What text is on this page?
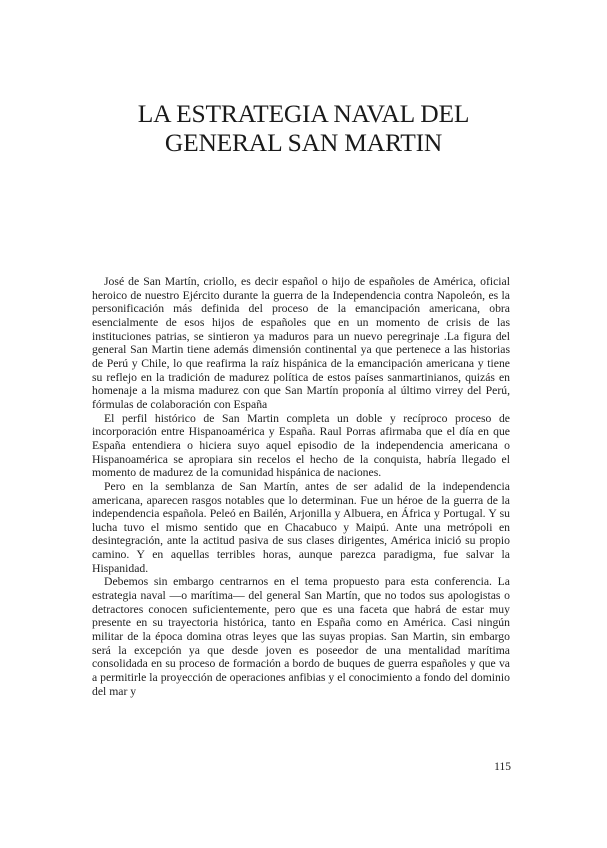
LA ESTRATEGIA NAVAL DEL
GENERAL SAN MARTIN

José de San Martín, criollo, es decir español o hijo de españoles de América, oficial heroico de nuestro Ejército durante la guerra de la Independencia contra Napoleón, es la personificación más definida del proceso de la emancipación americana, obra esencialmente de esos hijos de españoles que en un momento de crisis de las instituciones patrias, se sintieron ya maduros para un nuevo peregrinaje .La figura del general San Martin tiene además dimensión continental ya que pertenece a las historias de Perú y Chile, lo que reafirma la raíz hispánica de la emancipación americana y tiene su reflejo en la tradición de madurez política de estos países sanmartinianos, quizás en homenaje a la misma madurez con que San Martín proponía al último virrey del Perú, fórmulas de colaboración con España

El perfil histórico de San Martin completa un doble y recíproco proceso de incorporación entre Hispanoamérica y España. Raul Porras afirmaba que el día en que España entendiera o hiciera suyo aquel episodio de la independencia americana o Hispanoamérica se apropiara sin recelos el hecho de la conquista, habría llegado el momento de madurez de la comunidad hispánica de naciones.

Pero en la semblanza de San Martín, antes de ser adalid de la independencia americana, aparecen rasgos notables que lo determinan. Fue un héroe de la guerra de la independencia española. Peleó en Bailén, Arjonilla y Albuera, en África y Portugal. Y su lucha tuvo el mismo sentido que en Chacabuco y Maipú. Ante una metrópoli en desintegración, ante la actitud pasiva de sus clases dirigentes, América inició su propio camino. Y en aquellas terribles horas, aunque parezca paradigma, fue salvar la Hispanidad.

Debemos sin embargo centrarnos en el tema propuesto para esta conferencia. La estrategia naval —o marítima— del general San Martín, que no todos sus apologistas o detractores conocen suficientemente, pero que es una faceta que habrá de estar muy presente en su trayectoria histórica, tanto en España como en América. Casi ningún militar de la época domina otras leyes que las suyas propias. San Martin, sin embargo será la excepción ya que desde joven es poseedor de una mentalidad marítima consolidada en su proceso de formación a bordo de buques de guerra españoles y que va a permitirle la proyección de operaciones anfibias y el conocimiento a fondo del dominio del mar y

115
